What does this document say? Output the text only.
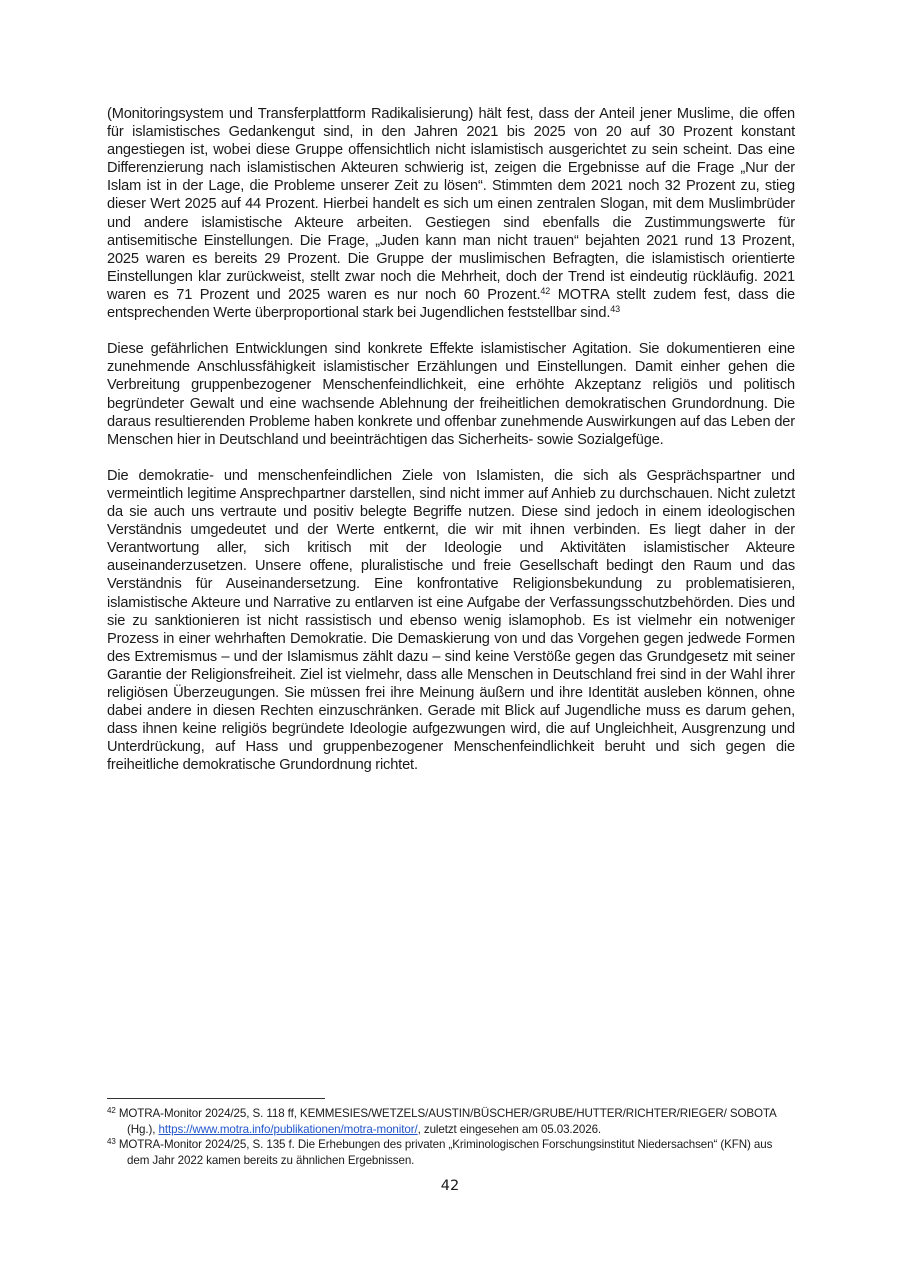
(Monitoringsystem und Transferplattform Radikalisierung) hält fest, dass der Anteil jener Muslime, die offen für islamistisches Gedankengut sind, in den Jahren 2021 bis 2025 von 20 auf 30 Prozent konstant angestiegen ist, wobei diese Gruppe offensichtlich nicht islamistisch ausgerichtet zu sein scheint. Das eine Differenzierung nach islamistischen Akteuren schwierig ist, zeigen die Ergebnisse auf die Frage „Nur der Islam ist in der Lage, die Probleme unserer Zeit zu lösen“. Stimmten dem 2021 noch 32 Prozent zu, stieg dieser Wert 2025 auf 44 Prozent. Hierbei handelt es sich um einen zentralen Slogan, mit dem Muslimbrüder und andere islamistische Akteure arbeiten. Gestiegen sind ebenfalls die Zustimmungswerte für antisemitische Einstellungen. Die Frage, „Juden kann man nicht trauen“ bejahten 2021 rund 13 Prozent, 2025 waren es bereits 29 Prozent. Die Gruppe der muslimischen Befragten, die islamistisch orientierte Einstellungen klar zurückweist, stellt zwar noch die Mehrheit, doch der Trend ist eindeutig rückläufig. 2021 waren es 71 Prozent und 2025 waren es nur noch 60 Prozent.$^{42}$ MOTRA stellt zudem fest, dass die entsprechenden Werte überproportional stark bei Jugendlichen feststellbar sind.$^{43}$

Diese gefährlichen Entwicklungen sind konkrete Effekte islamistischer Agitation. Sie dokumentieren eine zunehmende Anschlussfähigkeit islamistischer Erzählungen und Einstellungen. Damit einher gehen die Verbreitung gruppenbezogener Menschenfeindlichkeit, eine erhöhte Akzeptanz religiös und politisch begründeter Gewalt und eine wachsende Ablehnung der freiheitlichen demokratischen Grundordnung. Die daraus resultierenden Probleme haben konkrete und offenbar zunehmende Auswirkungen auf das Leben der Menschen hier in Deutschland und beeinträchtigen das Sicherheits- sowie Sozialgefüge.

Die demokratie- und menschenfeindlichen Ziele von Islamisten, die sich als Gesprächspartner und vermeintlich legitime Ansprechpartner darstellen, sind nicht immer auf Anhieb zu durchschauen. Nicht zuletzt da sie auch uns vertraute und positiv belegte Begriffe nutzen. Diese sind jedoch in einem ideologischen Verständnis umgedeutet und der Werte entkernt, die wir mit ihnen verbinden. Es liegt daher in der Verantwortung aller, sich kritisch mit der Ideologie und Aktivitäten islamistischer Akteure auseinanderzusetzen. Unsere offene, pluralistische und freie Gesellschaft bedingt den Raum und das Verständnis für Auseinandersetzung. Eine konfrontative Religionsbekundung zu problematisieren, islamistische Akteure und Narrative zu entlarven ist eine Aufgabe der Verfassungsschutzbehörden. Dies und sie zu sanktionieren ist nicht rassistisch und ebenso wenig islamophob. Es ist vielmehr ein notweniger Prozess in einer wehrhaften Demokratie. Die Demaskierung von und das Vorgehen gegen jedwede Formen des Extremismus – und der Islamismus zählt dazu – sind keine Verstöße gegen das Grundgesetz mit seiner Garantie der Religionsfreiheit. Ziel ist vielmehr, dass alle Menschen in Deutschland frei sind in der Wahl ihrer religiösen Überzeugungen. Sie müssen frei ihre Meinung äußern und ihre Identität ausleben können, ohne dabei andere in diesen Rechten einzuschränken. Gerade mit Blick auf Jugendliche muss es darum gehen, dass ihnen keine religiös begründete Ideologie aufgezwungen wird, die auf Ungleichheit, Ausgrenzung und Unterdrückung, auf Hass und gruppenbezogener Menschenfeindlichkeit beruht und sich gegen die freiheitliche demokratische Grundordnung richtet.

$^{42}$ MOTRA-Monitor 2024/25, S. 118 ff, KEMMESIES/WETZELS/AUSTIN/BÜSCHER/GRUBE/HUTTER/RICHTER/RIEGER/ SOBOTA (Hg.), https://www.motra.info/publikationen/motra-monitor/, zuletzt eingesehen am 05.03.2026.

$^{43}$ MOTRA-Monitor 2024/25, S. 135 f. Die Erhebungen des privaten „Kriminologischen Forschungsinstitut Niedersachsen“ (KFN) aus dem Jahr 2022 kamen bereits zu ähnlichen Ergebnissen.

42
